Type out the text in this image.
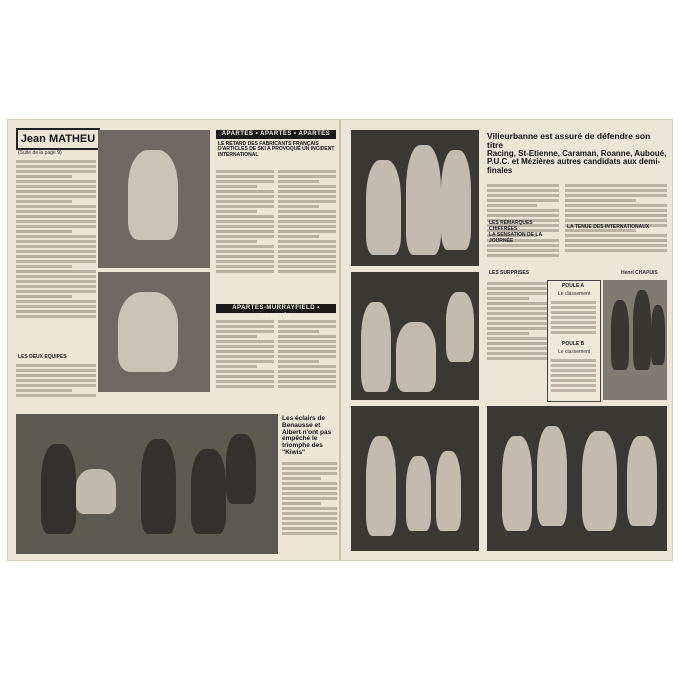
Jean MATHEU
(Suite de la page 9)
LES DEUX EQUIPES
APARTÉS • APARTÉS • APARTÉS
LE RETARD DES FABRICANTS FRANÇAIS D'ARTICLES DE SKI A PROVOQUÉ UN INCIDENT INTERNATIONAL
APARTÉS-MURRAYFIELD • APARTÉS
Les éclairs de Benausse et Albert n'ont pas empêché le triomphe des "Kiwis"
Villeurbanne est assuré de défendre son titre
Racing, St-Etienne, Caraman, Roanne, Auboué, P.U.C. et Mézières autres candidats aux demi-finales
LES REMARQUES CHIFFRÉES
LA SENSATION DE LA JOURNÉE
LES SURPRISES
LA TENUE DES INTERNATIONAUX
Henri CHAPUIS
POULE A
Le classement
POULE B
Le classement
